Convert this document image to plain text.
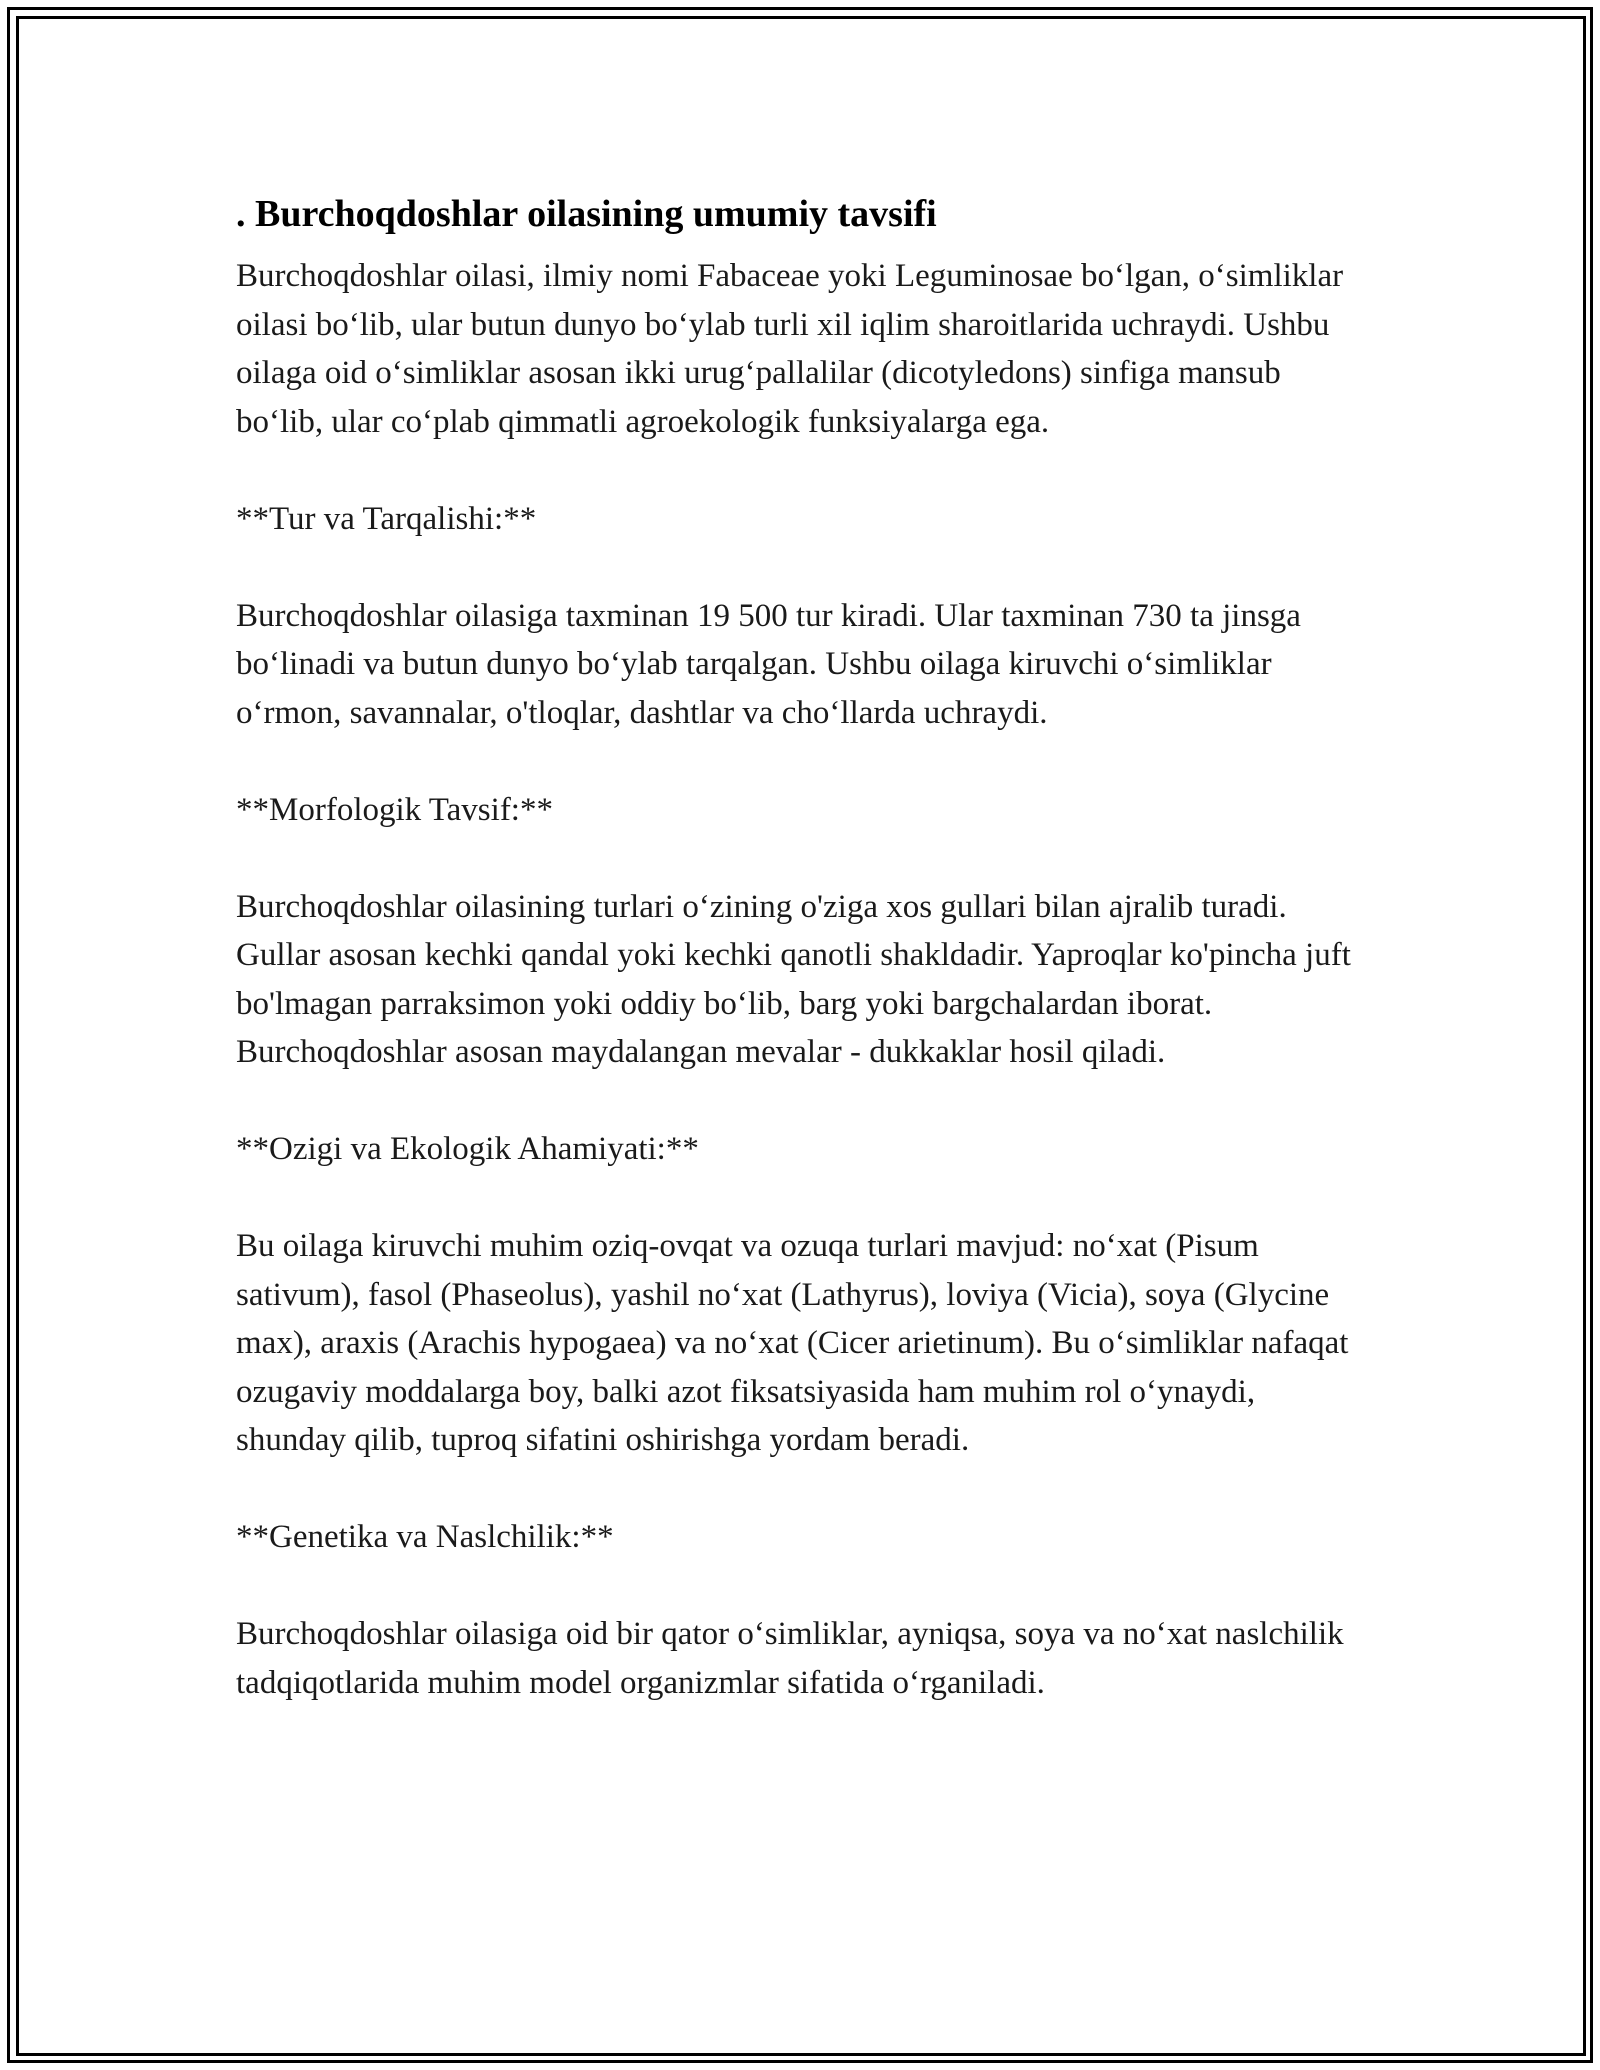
. Burchoqdoshlar oilasining umumiy tavsifi

Burchoqdoshlar oilasi, ilmiy nomi Fabaceae yoki Leguminosae bo‘lgan, o‘simliklar oilasi bo‘lib, ular butun dunyo bo‘ylab turli xil iqlim sharoitlarida uchraydi. Ushbu oilaga oid o‘simliklar asosan ikki urug‘pallalilar (dicotyledons) sinfiga mansub bo‘lib, ular co‘plab qimmatli agroekologik funksiyalarga ega.

**Tur va Tarqalishi:**

Burchoqdoshlar oilasiga taxminan 19 500 tur kiradi. Ular taxminan 730 ta jinsga bo‘linadi va butun dunyo bo‘ylab tarqalgan. Ushbu oilaga kiruvchi o‘simliklar o‘rmon, savannalar, o'tloqlar, dashtlar va cho‘llarda uchraydi.

**Morfologik Tavsif:**

Burchoqdoshlar oilasining turlari o‘zining o'ziga xos gullari bilan ajralib turadi. Gullar asosan kechki qandal yoki kechki qanotli shakldadir. Yaproqlar ko'pincha juft bo'lmagan parraksimon yoki oddiy bo‘lib, barg yoki bargchalardan iborat. Burchoqdoshlar asosan maydalangan mevalar - dukkaklar hosil qiladi.

**Ozigi va Ekologik Ahamiyati:**

Bu oilaga kiruvchi muhim oziq-ovqat va ozuqa turlari mavjud: no‘xat (Pisum sativum), fasol (Phaseolus), yashil no‘xat (Lathyrus), loviya (Vicia), soya (Glycine max), araxis (Arachis hypogaea) va no‘xat (Cicer arietinum). Bu o‘simliklar nafaqat ozugaviy moddalarga boy, balki azot fiksatsiyasida ham muhim rol o‘ynaydi, shunday qilib, tuproq sifatini oshirishga yordam beradi.

**Genetika va Naslchilik:**

Burchoqdoshlar oilasiga oid bir qator o‘simliklar, ayniqsa, soya va no‘xat naslchilik tadqiqotlarida muhim model organizmlar sifatida o‘rganiladi.
